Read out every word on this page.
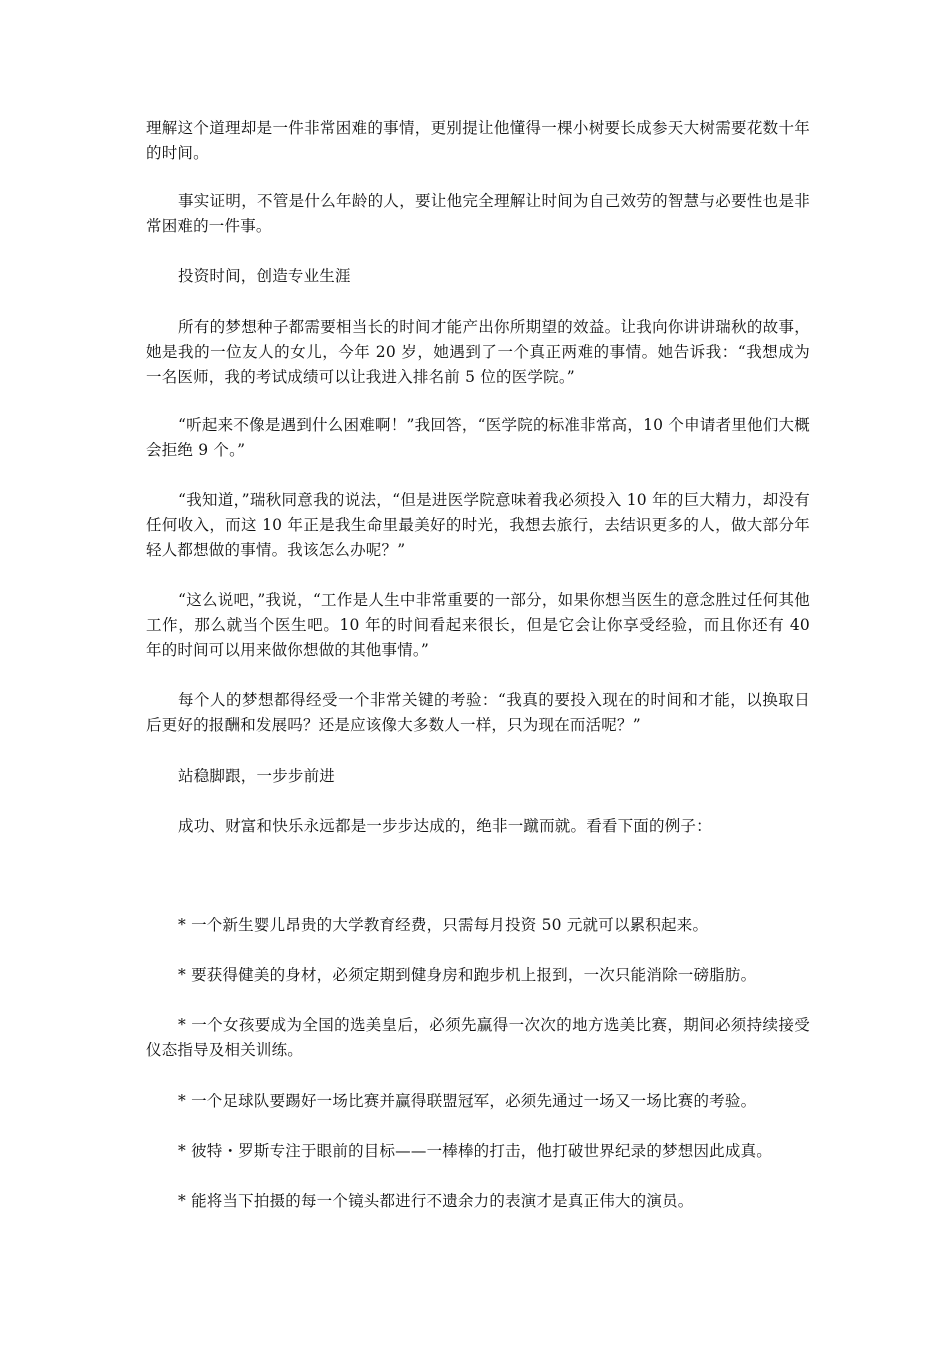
理解这个道理却是一件非常困难的事情，更别提让他懂得一棵小树要长成参天大树需要花数十年的时间。

事实证明，不管是什么年龄的人，要让他完全理解让时间为自己效劳的智慧与必要性也是非常困难的一件事。

投资时间，创造专业生涯

所有的梦想种子都需要相当长的时间才能产出你所期望的效益。让我向你讲讲瑞秋的故事，她是我的一位友人的女儿，今年 20 岁，她遇到了一个真正两难的事情。她告诉我：“我想成为一名医师，我的考试成绩可以让我进入排名前 5 位的医学院。”

“听起来不像是遇到什么困难啊！”我回答，“医学院的标准非常高，10 个申请者里他们大概会拒绝 9 个。”

“我知道，”瑞秋同意我的说法，“但是进医学院意味着我必须投入 10 年的巨大精力，却没有任何收入，而这 10 年正是我生命里最美好的时光，我想去旅行，去结识更多的人，做大部分年轻人都想做的事情。我该怎么办呢？”

“这么说吧，”我说，“工作是人生中非常重要的一部分，如果你想当医生的意念胜过任何其他工作，那么就当个医生吧。10 年的时间看起来很长，但是它会让你享受经验，而且你还有 40 年的时间可以用来做你想做的其他事情。”

每个人的梦想都得经受一个非常关键的考验：“我真的要投入现在的时间和才能，以换取日后更好的报酬和发展吗？还是应该像大多数人一样，只为现在而活呢？”

站稳脚跟，一步步前进

成功、财富和快乐永远都是一步步达成的，绝非一蹴而就。看看下面的例子：

* 一个新生婴儿昂贵的大学教育经费，只需每月投资 50 元就可以累积起来。

* 要获得健美的身材，必须定期到健身房和跑步机上报到，一次只能消除一磅脂肪。

* 一个女孩要成为全国的选美皇后，必须先赢得一次次的地方选美比赛，期间必须持续接受仪态指导及相关训练。

* 一个足球队要踢好一场比赛并赢得联盟冠军，必须先通过一场又一场比赛的考验。

* 彼特・罗斯专注于眼前的目标——一棒棒的打击，他打破世界纪录的梦想因此成真。

* 能将当下拍摄的每一个镜头都进行不遗余力的表演才是真正伟大的演员。
